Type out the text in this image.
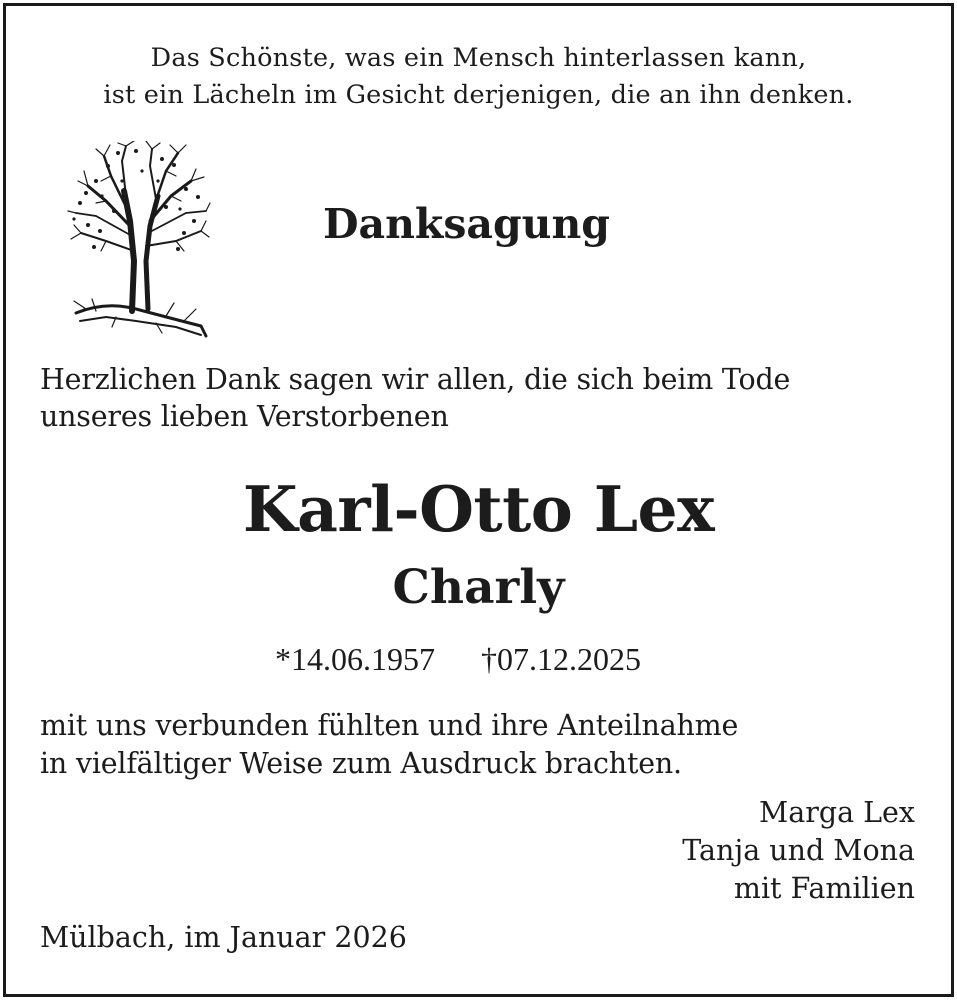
Das Schönste, was ein Mensch hinterlassen kann,
ist ein Lächeln im Gesicht derjenigen, die an ihn denken.
Danksagung
Herzlichen Dank sagen wir allen, die sich beim Tode
unseres lieben Verstorbenen
Karl-Otto Lex
Charly
*14.06.1957 †07.12.2025
mit uns verbunden fühlten und ihre Anteilnahme
in vielfältiger Weise zum Ausdruck brachten.
Marga Lex
Tanja und Mona
mit Familien
Mülbach, im Januar 2026
